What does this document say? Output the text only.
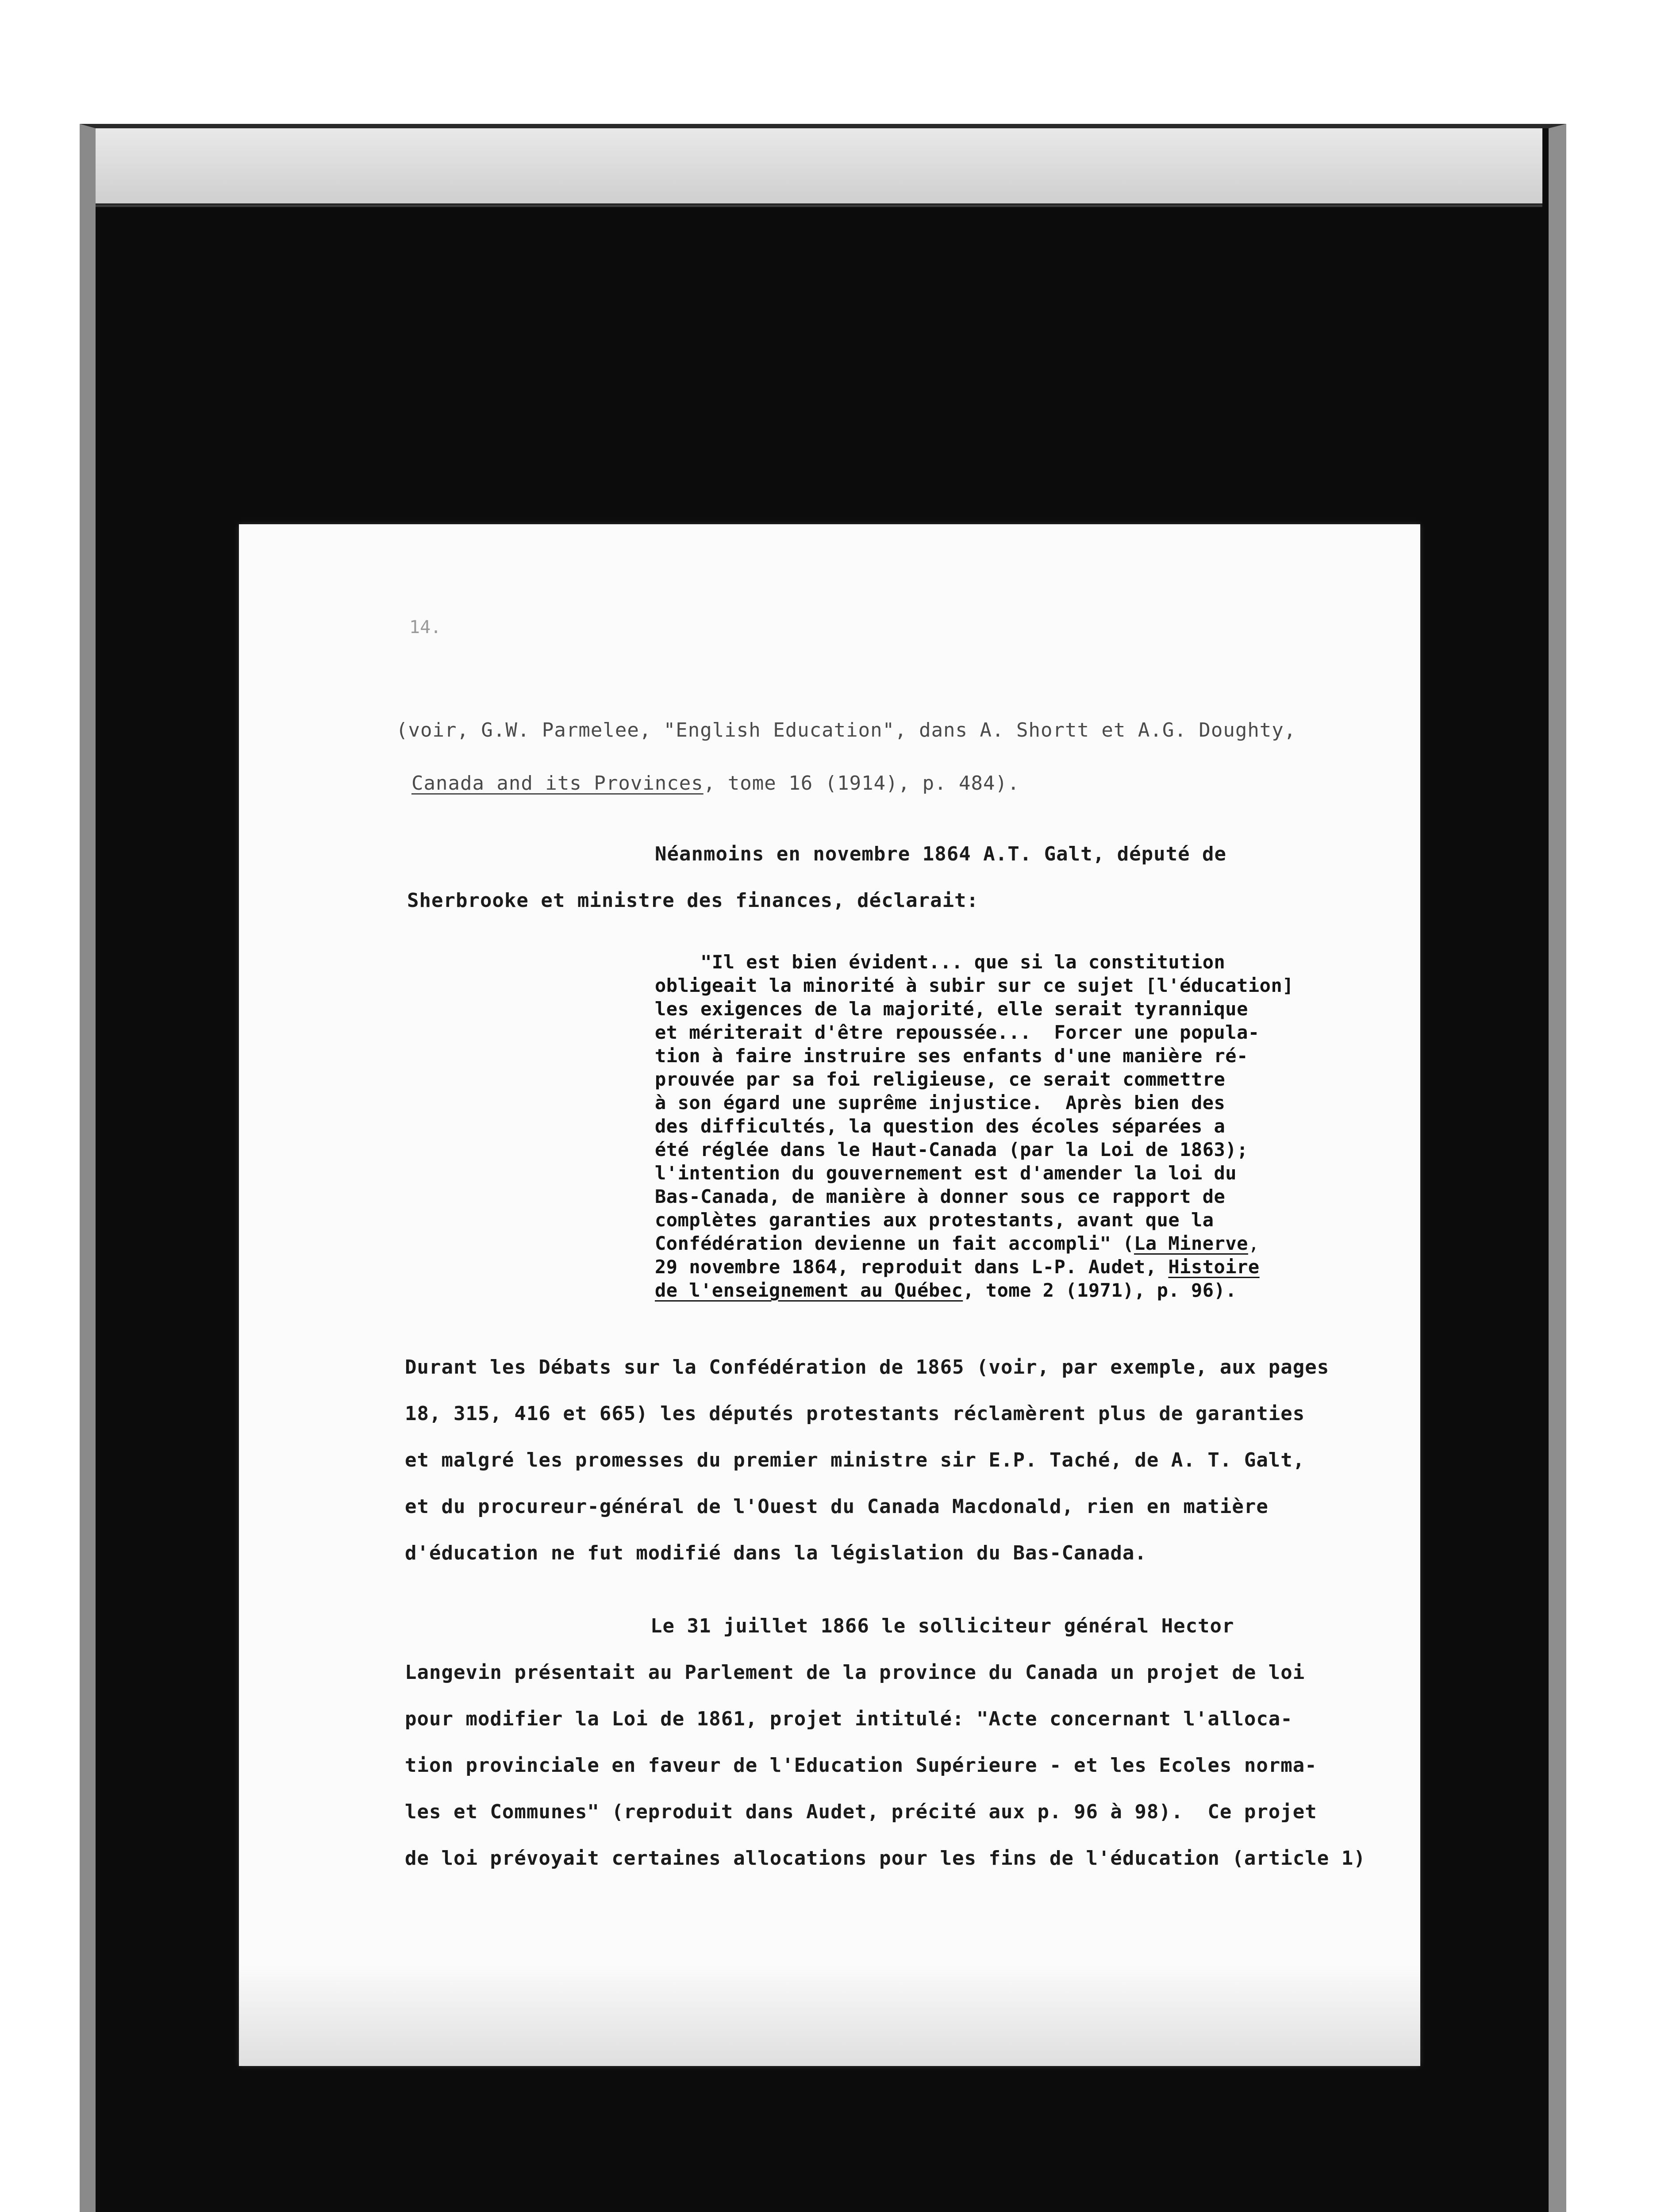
14.
(voir, G.W. Parmelee, "English Education", dans A. Shortt et A.G. Doughty,
Canada and its Provinces, tome 16 (1914), p. 484).
Néanmoins en novembre 1864 A.T. Galt, député de
Sherbrooke et ministre des finances, déclarait:
"Il est bien évident... que si la constitution
obligeait la minorité à subir sur ce sujet [l'éducation]
les exigences de la majorité, elle serait tyrannique
et mériterait d'être repoussée...  Forcer une popula-
tion à faire instruire ses enfants d'une manière ré-
prouvée par sa foi religieuse, ce serait commettre
à son égard une suprême injustice.  Après bien des
des difficultés, la question des écoles séparées a
été réglée dans le Haut-Canada (par la Loi de 1863);
l'intention du gouvernement est d'amender la loi du
Bas-Canada, de manière à donner sous ce rapport de
complètes garanties aux protestants, avant que la
Confédération devienne un fait accompli" (La Minerve,
29 novembre 1864, reproduit dans L-P. Audet, Histoire
de l'enseignement au Québec, tome 2 (1971), p. 96).
Durant les Débats sur la Confédération de 1865 (voir, par exemple, aux pages
18, 315, 416 et 665) les députés protestants réclamèrent plus de garanties
et malgré les promesses du premier ministre sir E.P. Taché, de A. T. Galt,
et du procureur-général de l'Ouest du Canada Macdonald, rien en matière
d'éducation ne fut modifié dans la législation du Bas-Canada.
Le 31 juillet 1866 le solliciteur général Hector
Langevin présentait au Parlement de la province du Canada un projet de loi
pour modifier la Loi de 1861, projet intitulé: "Acte concernant l'alloca-
tion provinciale en faveur de l'Education Supérieure - et les Ecoles norma-
les et Communes" (reproduit dans Audet, précité aux p. 96 à 98).  Ce projet
de loi prévoyait certaines allocations pour les fins de l'éducation (article 1)
